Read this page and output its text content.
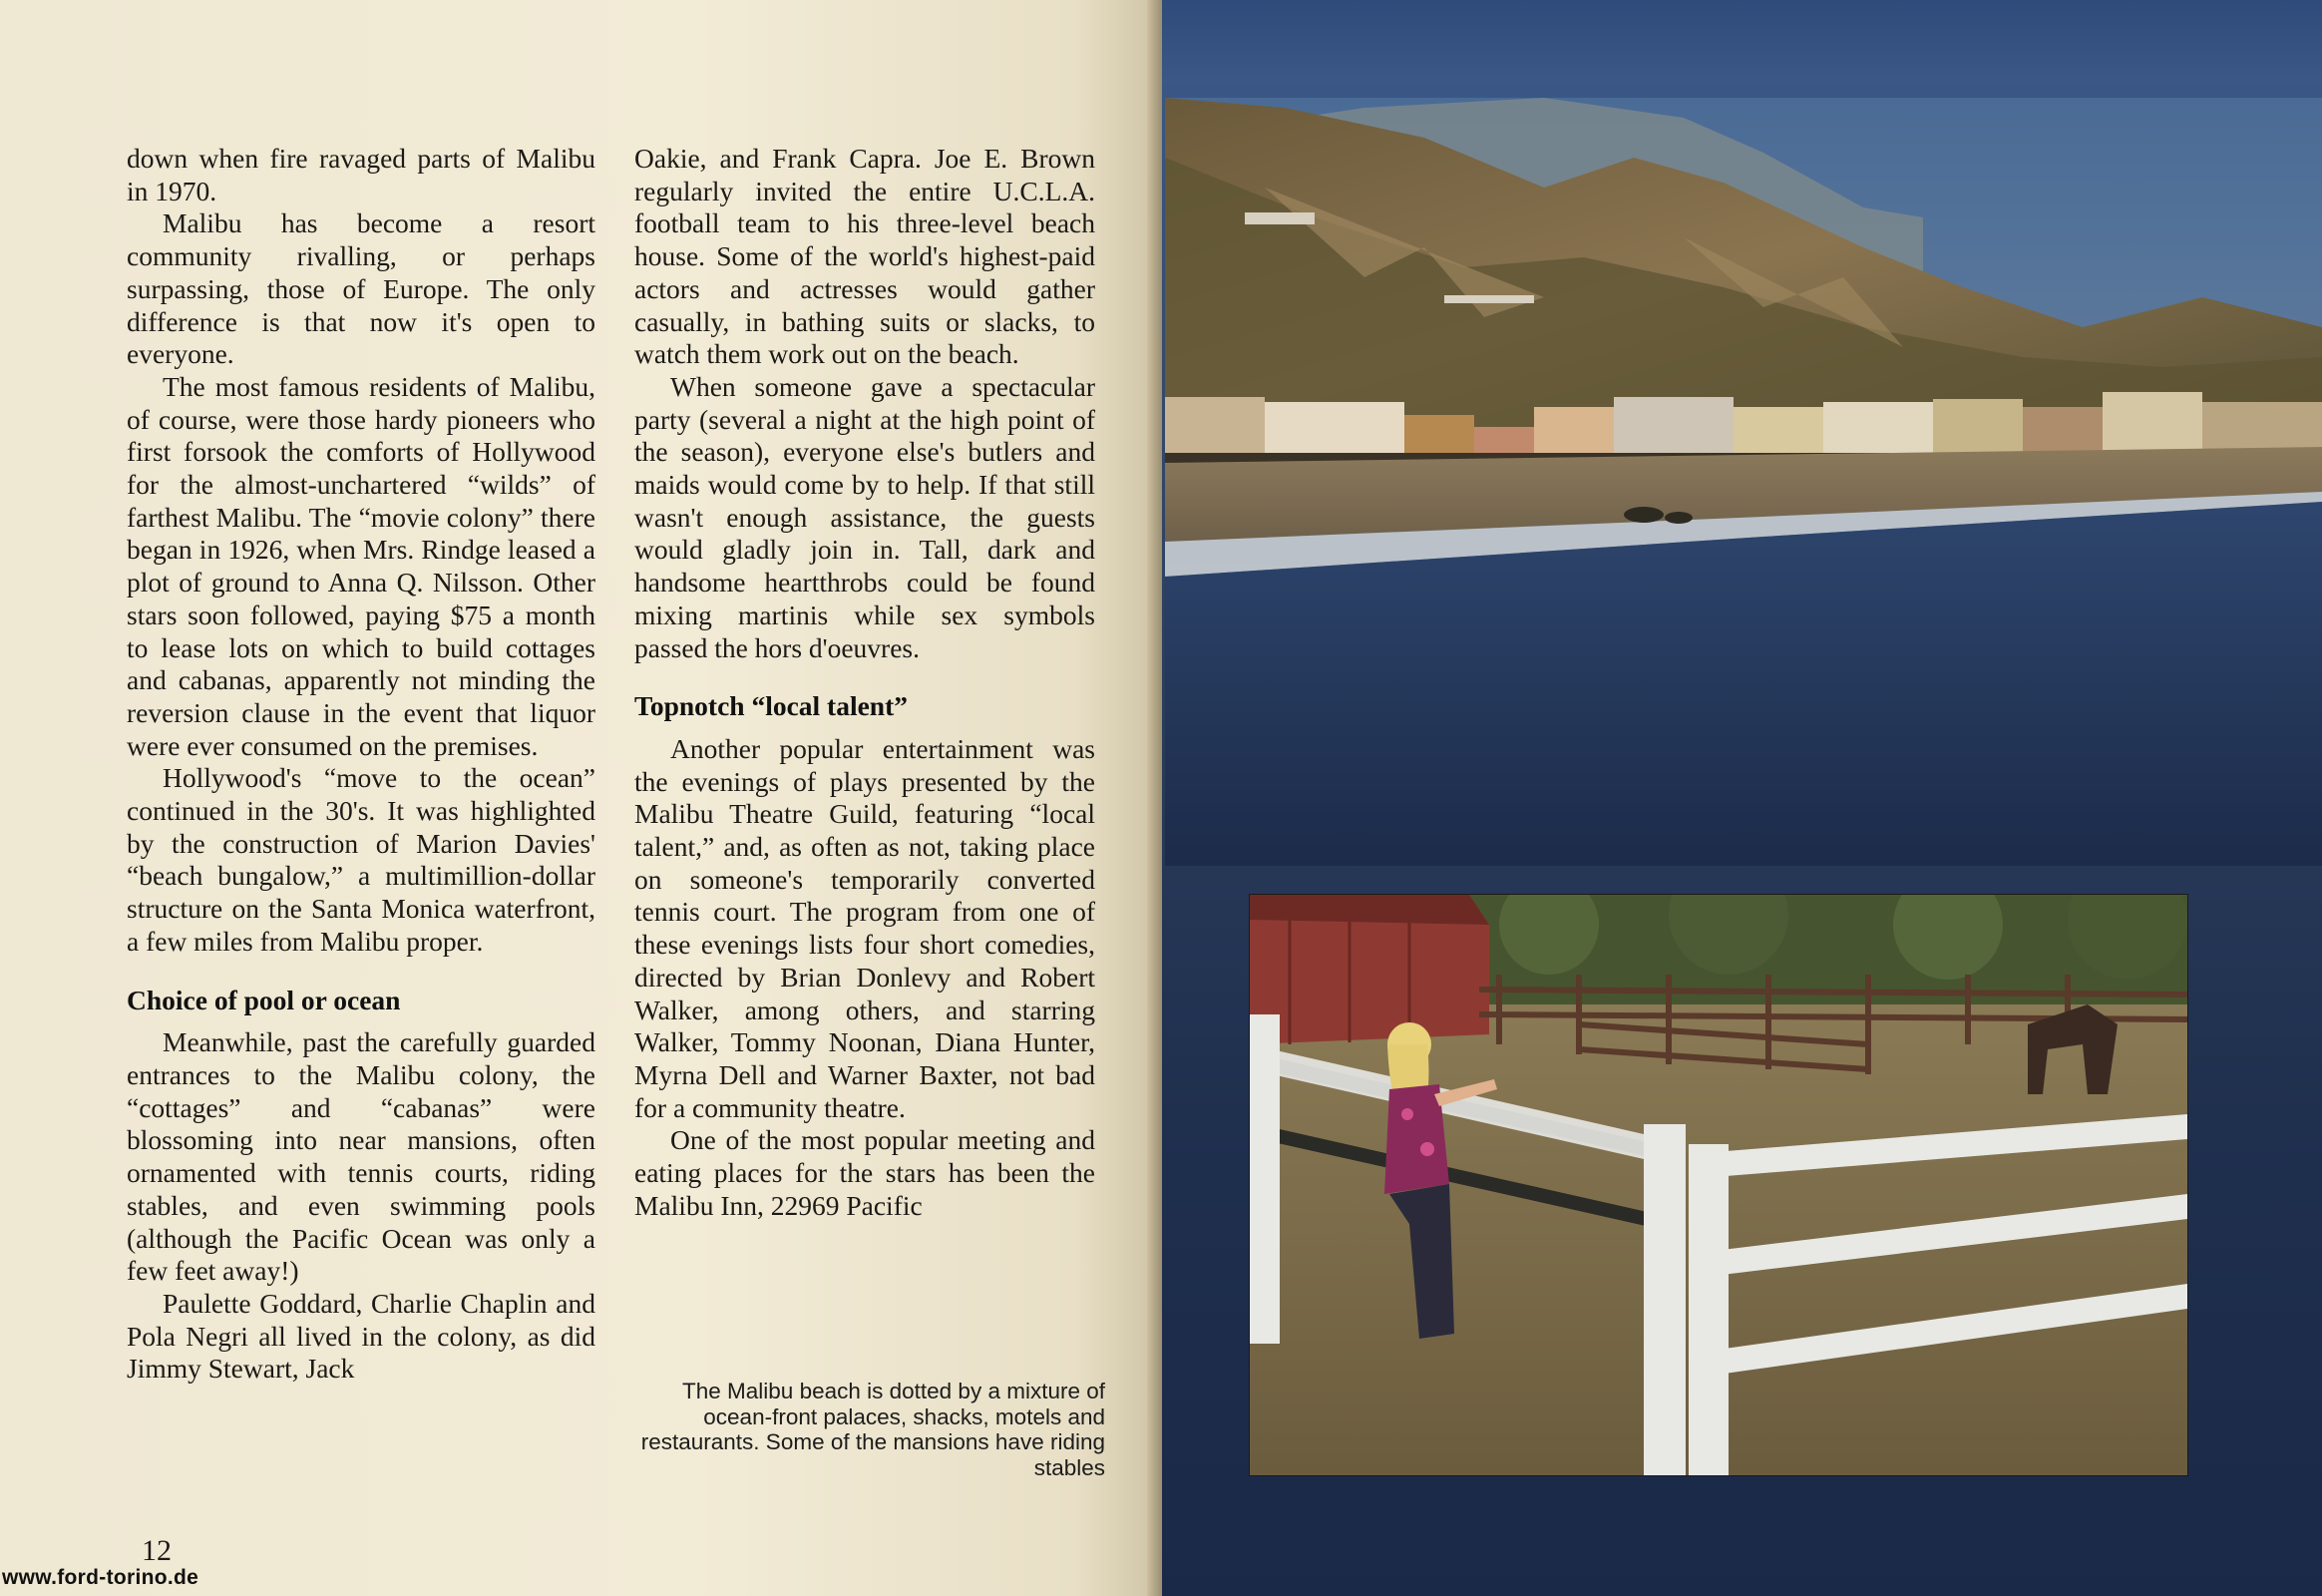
down when fire ravaged parts of Malibu in 1970.

Malibu has become a resort community rivalling, or perhaps surpassing, those of Europe. The only difference is that now it's open to everyone.

The most famous residents of Malibu, of course, were those hardy pioneers who first forsook the comforts of Hollywood for the almost-unchartered “wilds” of farthest Malibu. The “movie colony” there began in 1926, when Mrs. Rindge leased a plot of ground to Anna Q. Nilsson. Other stars soon followed, paying $75 a month to lease lots on which to build cottages and cabanas, apparently not minding the reversion clause in the event that liquor were ever consumed on the premises.

Hollywood's “move to the ocean” continued in the 30's. It was highlighted by the construction of Marion Davies' “beach bungalow,” a multimillion-dollar structure on the Santa Monica waterfront, a few miles from Malibu proper.

Choice of pool or ocean

Meanwhile, past the carefully guarded entrances to the Malibu colony, the “cottages” and “cabanas” were blossoming into near mansions, often ornamented with tennis courts, riding stables, and even swimming pools (although the Pacific Ocean was only a few feet away!)

Paulette Goddard, Charlie Chaplin and Pola Negri all lived in the colony, as did Jimmy Stewart, Jack

Oakie, and Frank Capra. Joe E. Brown regularly invited the entire U.C.L.A. football team to his three-level beach house. Some of the world's highest-paid actors and actresses would gather casually, in bathing suits or slacks, to watch them work out on the beach.

When someone gave a spectacular party (several a night at the high point of the season), everyone else's butlers and maids would come by to help. If that still wasn't enough assistance, the guests would gladly join in. Tall, dark and handsome heartthrobs could be found mixing martinis while sex symbols passed the hors d'oeuvres.

Topnotch “local talent”

Another popular entertainment was the evenings of plays presented by the Malibu Theatre Guild, featuring “local talent,” and, as often as not, taking place on someone's temporarily converted tennis court. The program from one of these evenings lists four short comedies, directed by Brian Donlevy and Robert Walker, among others, and starring Walker, Tommy Noonan, Diana Hunter, Myrna Dell and Warner Baxter, not bad for a community theatre.

One of the most popular meeting and eating places for the stars has been the Malibu Inn, 22969 Pacific

The Malibu beach is dotted by a mixture of ocean-front palaces, shacks, motels and restaurants. Some of the mansions have riding stables
12
www.ford-torino.de
